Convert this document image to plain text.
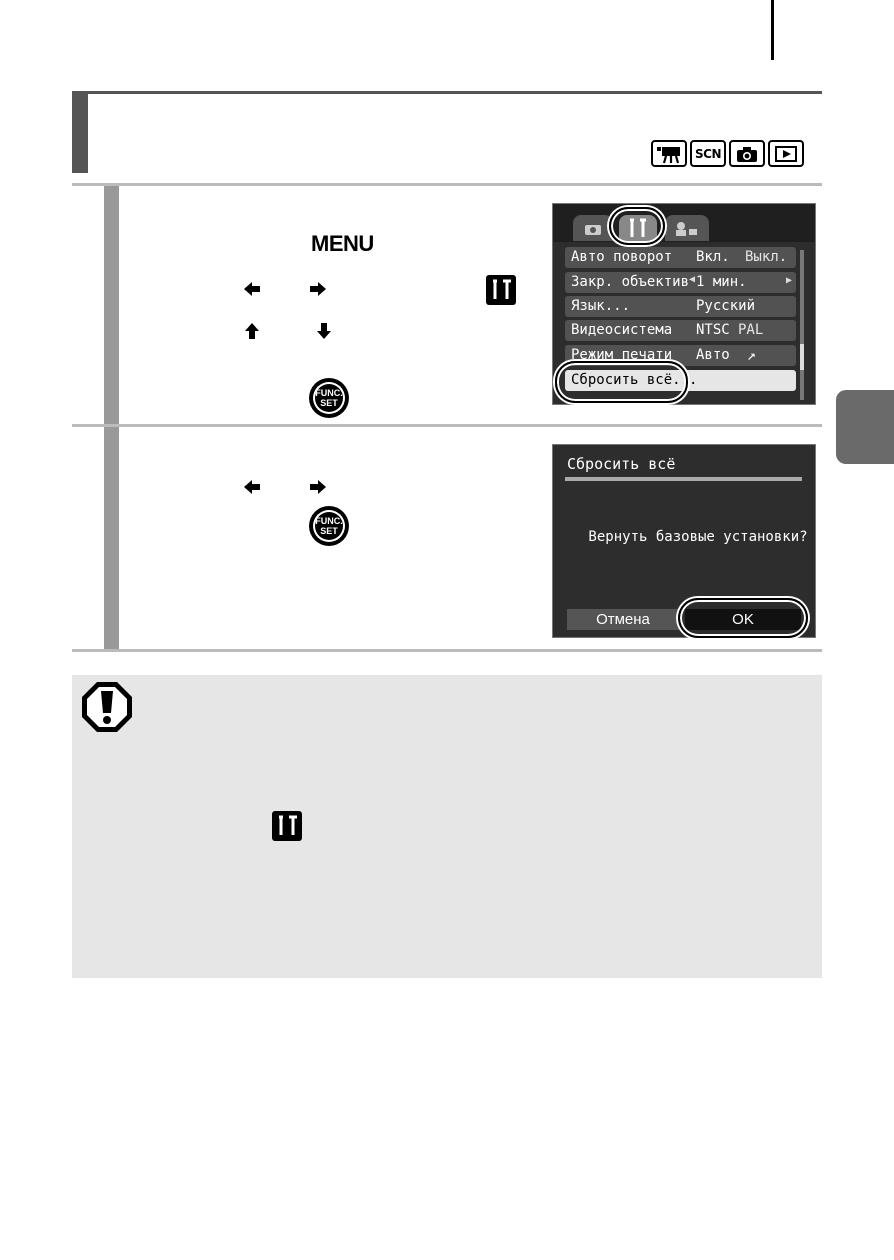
SCN
MENU
FUNC.
SET
Авто поворот Вкл. Выкл.
Закр. объектив 1 мин.
◀	▶
Язык...	Русский
Видеосистема NTSC PAL
Режим печати Авто ↗
Сбросить всё...
FUNC.
SET
Сбросить всё
Вернуть базовые установки?
Отмена	OK
